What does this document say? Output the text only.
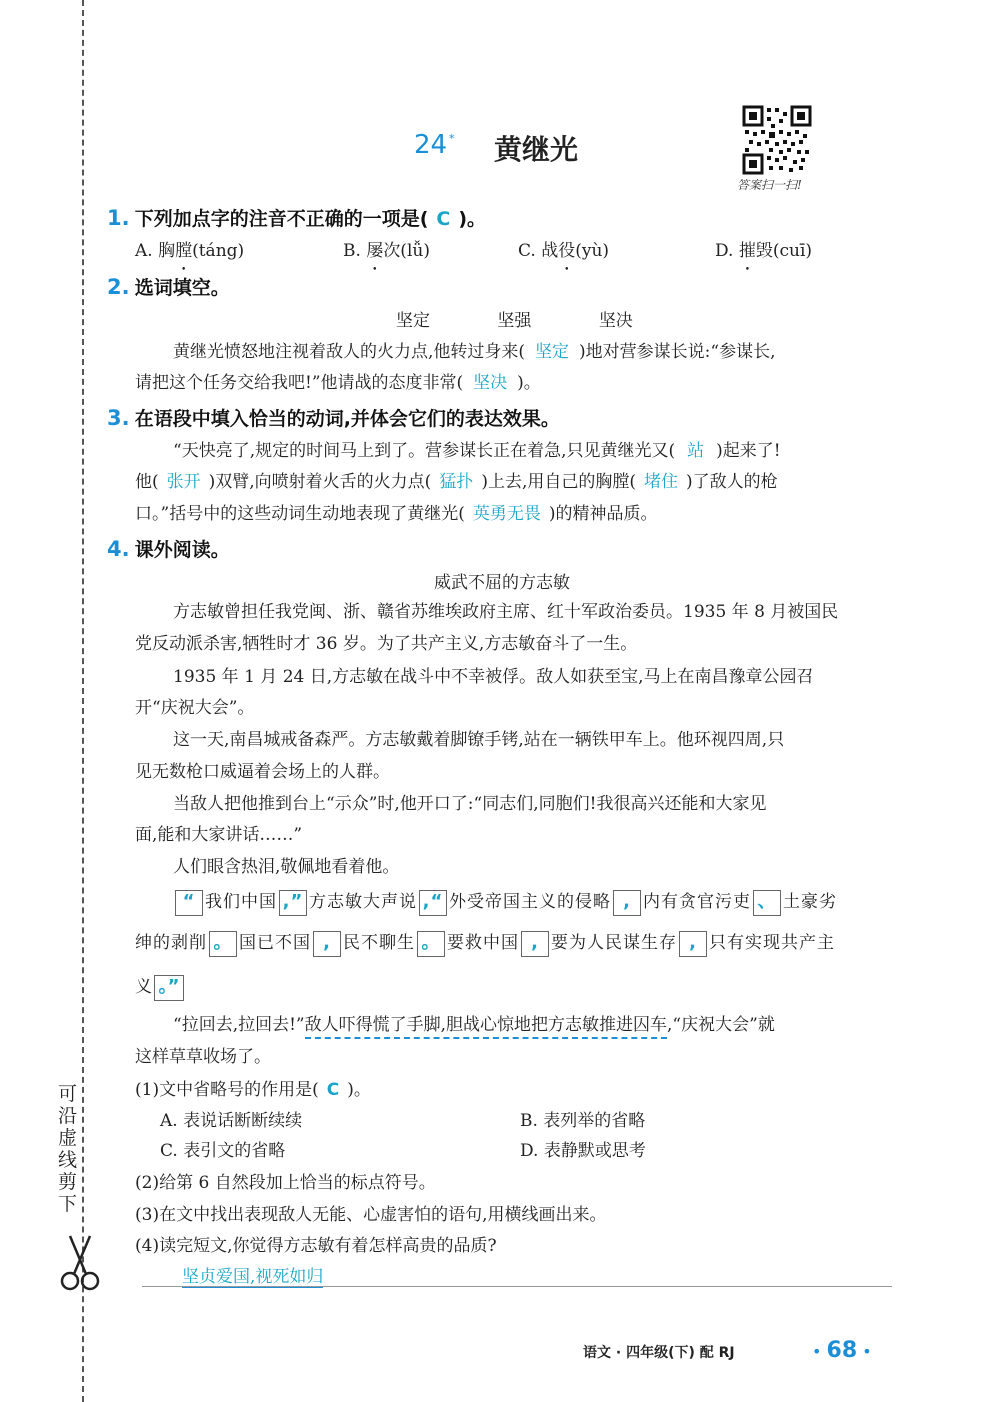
可沿虚线剪下
24 * 黄继光
答案扫一扫!
1. 下列加点字的注音不正确的一项是( C )。
A. 胸膛(táng)	B. 屡次(lǚ)	C. 战役(yù)	D. 摧毁(cuī)
2. 选词填空。
坚定	坚强	坚决
黄继光愤怒地注视着敌人的火力点,他转过身来( 坚定 )地对营参谋长说:“参谋长,
请把这个任务交给我吧!”他请战的态度非常( 坚决 )。
3. 在语段中填入恰当的动词,并体会它们的表达效果。
“天快亮了,规定的时间马上到了。营参谋长正在着急,只见黄继光又( 站 )起来了!
他( 张开 )双臂,向喷射着火舌的火力点( 猛扑 )上去,用自己的胸膛( 堵住 )了敌人的枪
口。”括号中的这些动词生动地表现了黄继光( 英勇无畏 )的精神品质。
4. 课外阅读。
威武不屈的方志敏
方志敏曾担任我党闽、浙、赣省苏维埃政府主席、红十军政治委员。1935 年 8 月被国民
党反动派杀害,牺牲时才 36 岁。为了共产主义,方志敏奋斗了一生。
1935 年 1 月 24 日,方志敏在战斗中不幸被俘。敌人如获至宝,马上在南昌豫章公园召
开“庆祝大会”。
这一天,南昌城戒备森严。方志敏戴着脚镣手铐,站在一辆铁甲车上。他环视四周,只
见无数枪口威逼着会场上的人群。
当敌人把他推到台上“示众”时,他开口了:“同志们,同胞们!我很高兴还能和大家见
面,能和大家讲话……”
人们眼含热泪,敬佩地看着他。
“ 我们中国 ,” 方志敏大声说 ,“ 外受帝国主义的侵略 , 内有贪官污吏 、 土豪劣
绅的剥削 。 国已不国 , 民不聊生 。 要救中国 , 要为人民谋生存 , 只有实现共产主
义 。”
“拉回去,拉回去!”敌人吓得慌了手脚,胆战心惊地把方志敏推进囚车,“庆祝大会”就
这样草草收场了。
(1)文中省略号的作用是( C )。
A. 表说话断断续续	B. 表列举的省略
C. 表引文的省略	D. 表静默或思考
(2)给第 6 自然段加上恰当的标点符号。
(3)在文中找出表现敌人无能、心虚害怕的语句,用横线画出来。
(4)读完短文,你觉得方志敏有着怎样高贵的品质?
坚贞爱国,视死如归
语文 · 四年级(下) 配 RJ	• 68 •
